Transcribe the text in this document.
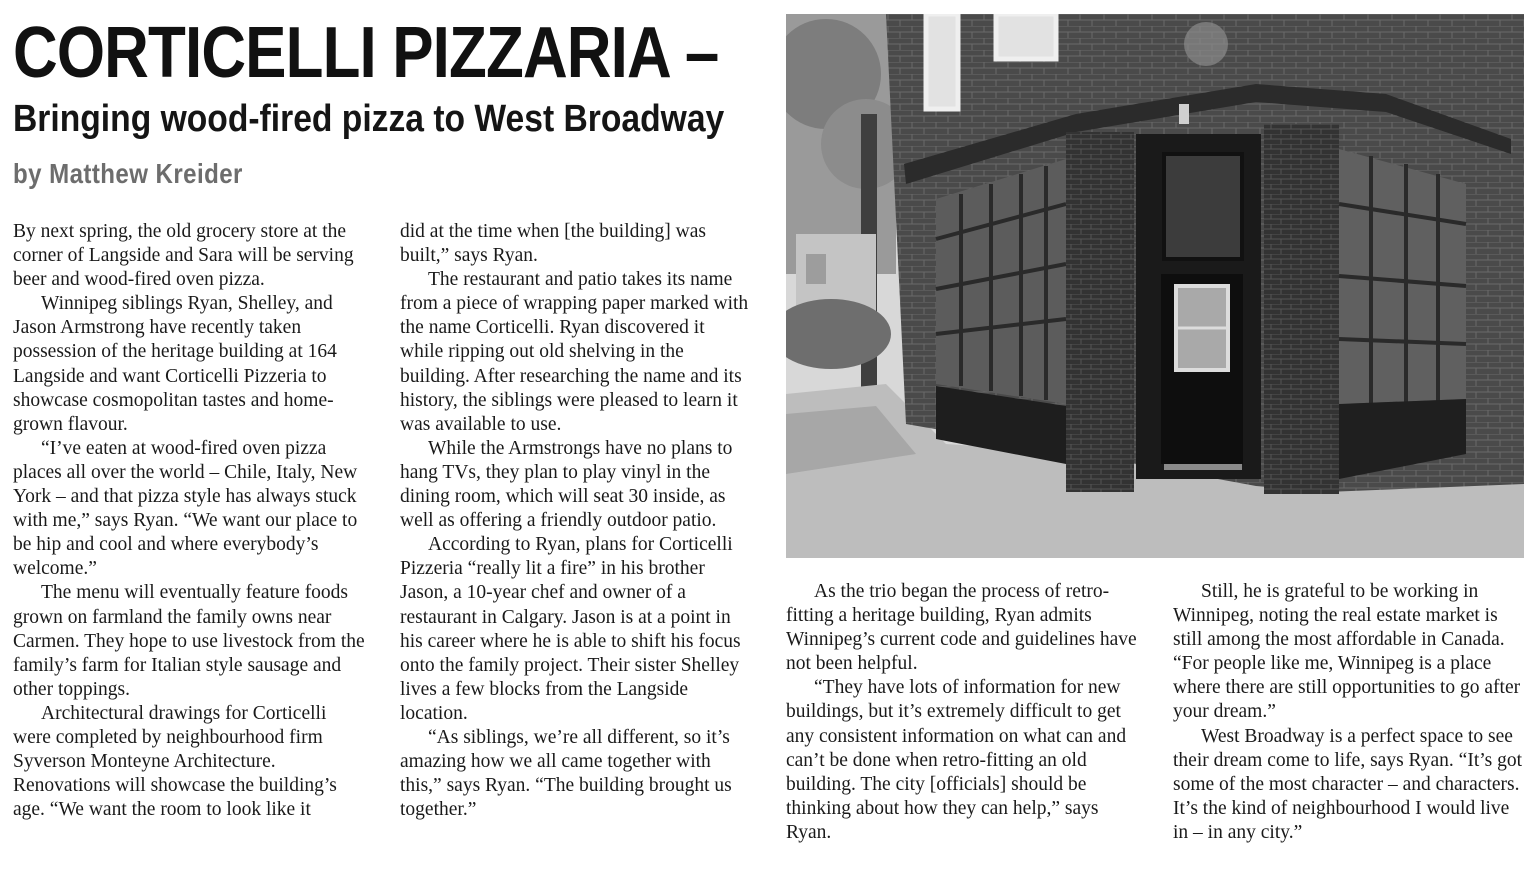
CORTICELLI PIZZARIA –
Bringing wood-fired pizza to West Broadway
by Matthew Kreider

By next spring, the old grocery store at the corner of Langside and Sara will be serving beer and wood-fired oven pizza.

Winnipeg siblings Ryan, Shelley, and Jason Armstrong have recently taken possession of the heritage building at 164 Langside and want Corticelli Pizzeria to showcase cosmopolitan tastes and home-grown flavour.

“I’ve eaten at wood-fired oven pizza places all over the world – Chile, Italy, New York – and that pizza style has always stuck with me,” says Ryan. “We want our place to be hip and cool and where everybody’s welcome.”

The menu will eventually feature foods grown on farmland the family owns near Carmen. They hope to use livestock from the family’s farm for Italian style sausage and other toppings.

Architectural drawings for Corticelli were completed by neighbourhood firm Syverson Monteyne Architecture. Renovations will showcase the building’s age. “We want the room to look like it

did at the time when [the building] was built,” says Ryan.

The restaurant and patio takes its name from a piece of wrapping paper marked with the name Corticelli. Ryan discovered it while ripping out old shelving in the building. After researching the name and its history, the siblings were pleased to learn it was available to use.

While the Armstrongs have no plans to hang TVs, they plan to play vinyl in the dining room, which will seat 30 inside, as well as offering a friendly outdoor patio.

According to Ryan, plans for Corticelli Pizzeria “really lit a fire” in his brother Jason, a 10-year chef and owner of a restaurant in Calgary. Jason is at a point in his career where he is able to shift his focus onto the family project. Their sister Shelley lives a few blocks from the Langside location.

“As siblings, we’re all different, so it’s amazing how we all came together with this,” says Ryan. “The building brought us together.”

As the trio began the process of retro-fitting a heritage building, Ryan admits Winnipeg’s current code and guidelines have not been helpful.

“They have lots of information for new buildings, but it’s extremely difficult to get any consistent information on what can and can’t be done when retro-fitting an old building. The city [officials] should be thinking about how they can help,” says Ryan.

Still, he is grateful to be working in Winnipeg, noting the real estate market is still among the most affordable in Canada. “For people like me, Winnipeg is a place where there are still opportunities to go after your dream.”

West Broadway is a perfect space to see their dream come to life, says Ryan. “It’s got some of the most character – and characters. It’s the kind of neighbourhood I would live in – in any city.”
